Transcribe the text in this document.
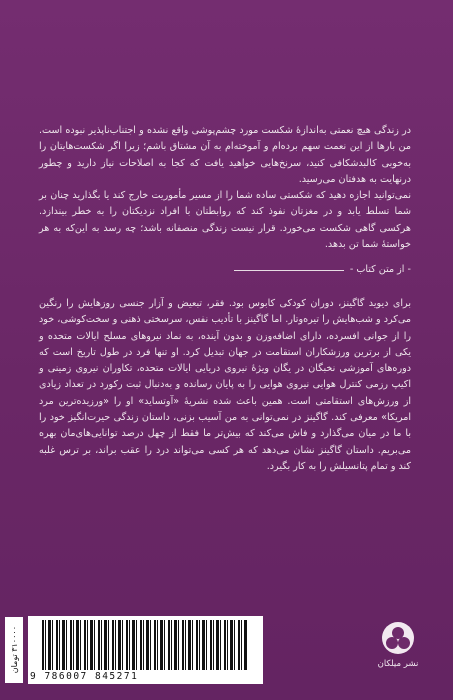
در زندگی هیچ نعمتی به‌اندازهٔ شکست مورد چشم‌پوشی واقع نشده و اجتناب‌ناپذیر نبوده است. من بارها از این نعمت سهم برده‌ام و آموخته‌ام به آن مشتاق باشم؛ زیرا اگر شکست‌هایتان را به‌خوبی کالبدشکافی کنید، سرنخ‌هایی خواهید یافت که کجا به اصلاحات نیاز دارید و چطور درنهایت به هدفتان می‌رسید.

نمی‌توانید اجازه دهید که شکستی ساده شما را از مسیر مأموریت خارج کند یا بگذارید چنان بر شما تسلط یابد و در مغزتان نفوذ کند که روابطتان با افراد نزدیکتان را به خطر بیندازد. هرکسی گاهی شکست می‌خورد. قرار نیست زندگی منصفانه باشد؛ چه رسد به این‌که به هر خواستهٔ شما تن بدهد.

- از متن کتاب -

برای دیوید گاگینز، دوران کودکی کابوس بود. فقر، تبعیض و آزار جنسی روزهایش را رنگین می‌کرد و شب‌هایش را تیره‌وتار. اما گاگینز با تأدیب نفس، سرسختی ذهنی و سخت‌کوشی، خود را از جوانی افسرده، دارای اضافه‌وزن و بدون آینده، به نماد نیروهای مسلح ایالات متحده و یکی از برترین ورزشکاران استقامت در جهان تبدیل کرد. او تنها فرد در طول تاریخ است که دوره‌های آموزشی نخبگان در یگان ویژهٔ نیروی دریایی ایالات متحده، تکاوران نیروی زمینی و اکیپ رزمی کنترل هوایی نیروی هوایی را به پایان رسانده و به‌دنبال ثبت رکورد در تعداد زیادی از ورزش‌های استقامتی است. همین باعث شده نشریهٔ «آوتساید» او را «ورزیده‌ترین مرد امریکا» معرفی کند. گاگینز در نمی‌توانی به من آسیب بزنی، داستان زندگی حیرت‌انگیز خود را با ما در میان می‌گذارد و فاش می‌کند که بیش‌تر ما فقط از چهل درصد توانایی‌های‌مان بهره می‌بریم. داستان گاگینز نشان می‌دهد که هر کسی می‌تواند درد را عقب براند، بر ترس غلبه کند و تمام پتانسیلش را به کار بگیرد.

۳۱۰۰۰۰ تومان
9 786007 845271
نشر میلکان
